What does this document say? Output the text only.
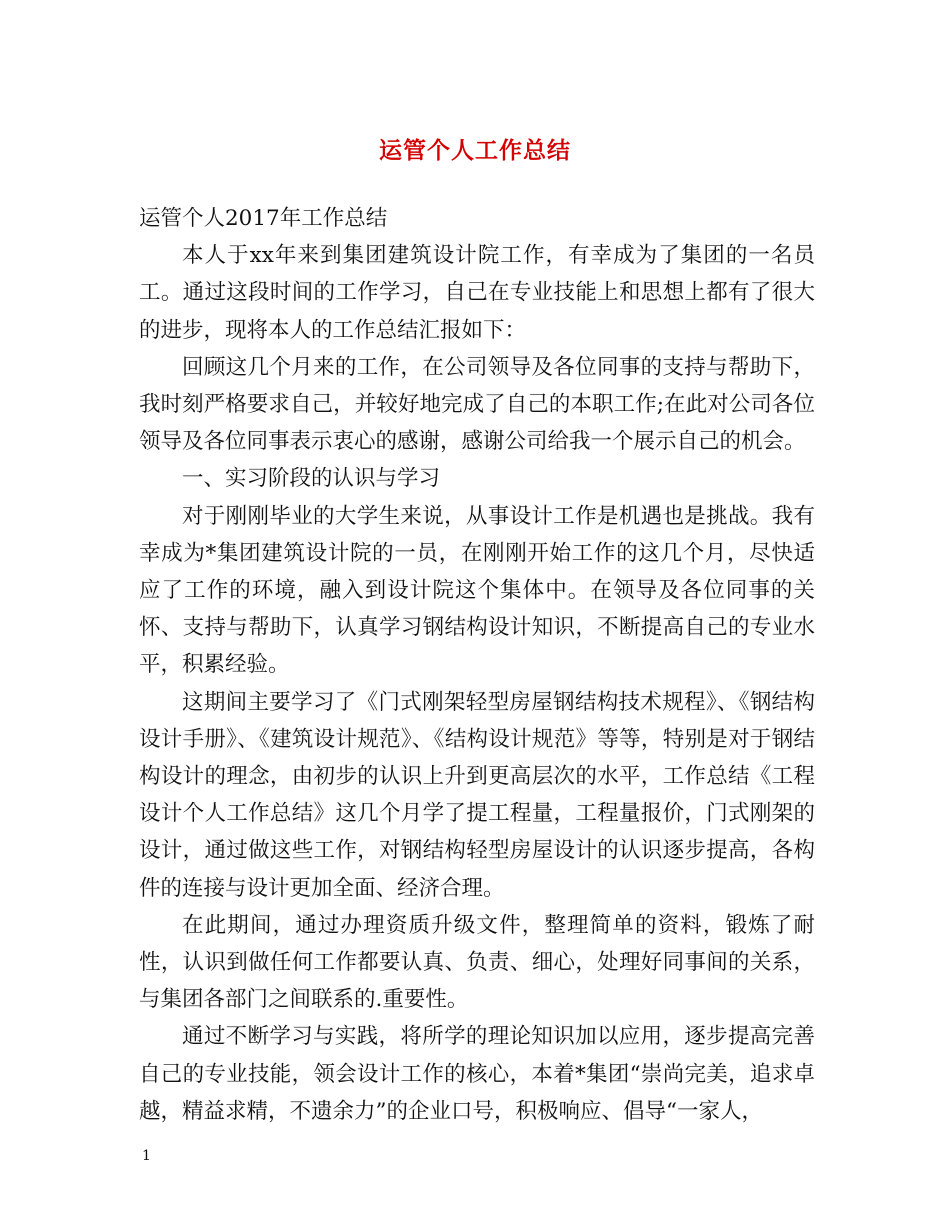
运管个人工作总结

运管个人2017年工作总结

本人于xx年来到集团建筑设计院工作，有幸成为了集团的一名员工。通过这段时间的工作学习，自己在专业技能上和思想上都有了很大的进步，现将本人的工作总结汇报如下：

回顾这几个月来的工作，在公司领导及各位同事的支持与帮助下，我时刻严格要求自己，并较好地完成了自己的本职工作;在此对公司各位领导及各位同事表示衷心的感谢，感谢公司给我一个展示自己的机会。

一、实习阶段的认识与学习

对于刚刚毕业的大学生来说，从事设计工作是机遇也是挑战。我有幸成为*集团建筑设计院的一员，在刚刚开始工作的这几个月，尽快适应了工作的环境，融入到设计院这个集体中。在领导及各位同事的关怀、支持与帮助下，认真学习钢结构设计知识，不断提高自己的专业水平，积累经验。

这期间主要学习了《门式刚架轻型房屋钢结构技术规程》、《钢结构设计手册》、《建筑设计规范》、《结构设计规范》等等，特别是对于钢结构设计的理念，由初步的认识上升到更高层次的水平，工作总结《工程设计个人工作总结》这几个月学了提工程量，工程量报价，门式刚架的设计，通过做这些工作，对钢结构轻型房屋设计的认识逐步提高，各构件的连接与设计更加全面、经济合理。

在此期间，通过办理资质升级文件，整理简单的资料，锻炼了耐性，认识到做任何工作都要认真、负责、细心，处理好同事间的关系，与集团各部门之间联系的.重要性。

通过不断学习与实践，将所学的理论知识加以应用，逐步提高完善自己的专业技能，领会设计工作的核心，本着*集团“崇尚完美，追求卓越，精益求精，不遗余力”的企业口号，积极响应、倡导“一家人，

1
